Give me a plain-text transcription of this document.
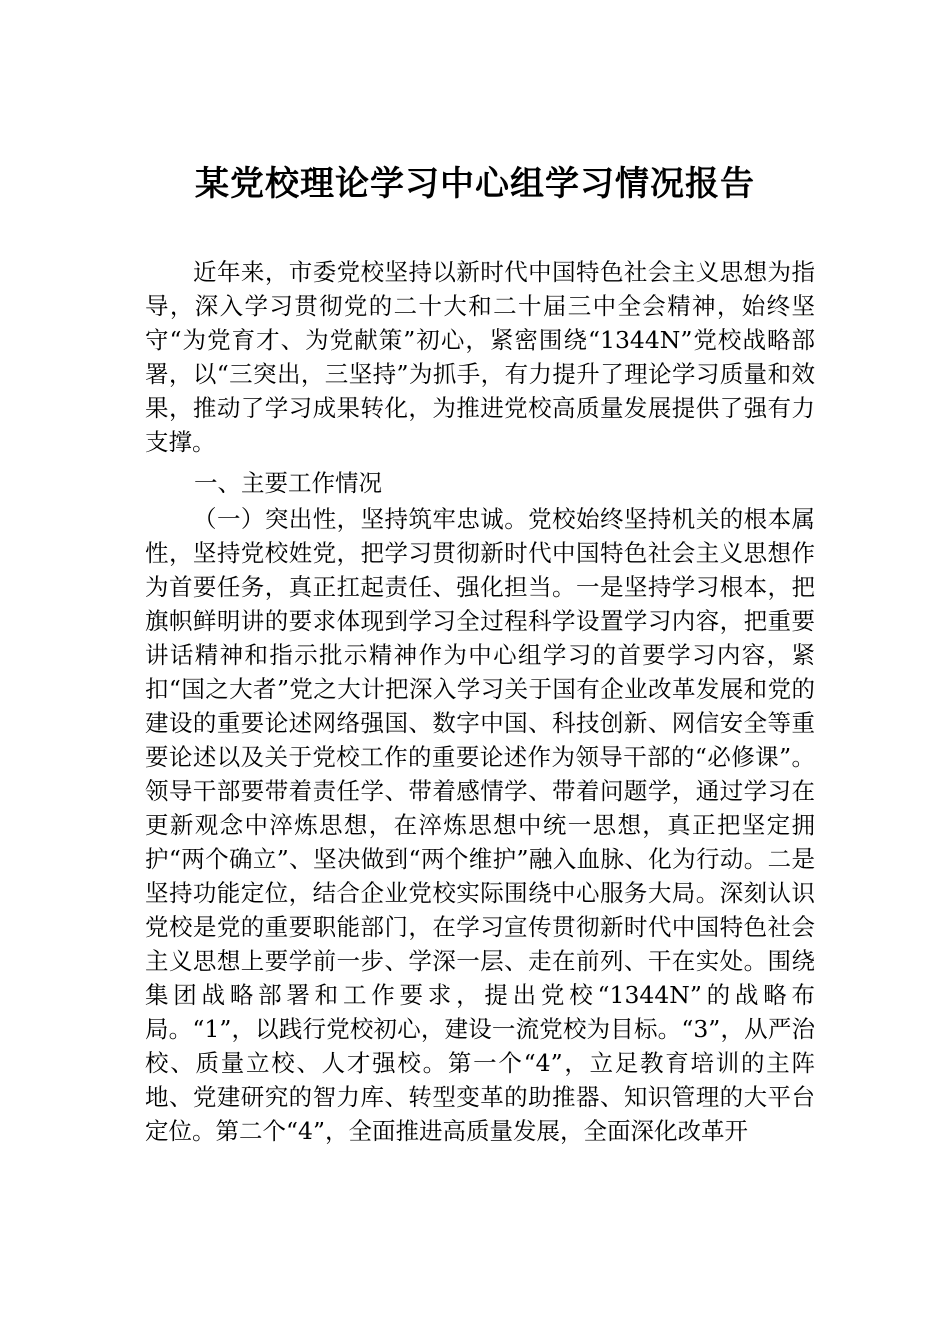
某党校理论学习中心组学习情况报告
近年来，市委党校坚持以新时代中国特色社会主义思想为指导，深入学习贯彻党的二十大和二十届三中全会精神，始终坚守“为党育才、为党献策”初心，紧密围绕“1344N”党校战略部署，以“三突出，三坚持”为抓手，有力提升了理论学习质量和效果，推动了学习成果转化，为推进党校高质量发展提供了强有力支撑。
一、主要工作情况
（一）突出性，坚持筑牢忠诚。党校始终坚持机关的根本属性，坚持党校姓党，把学习贯彻新时代中国特色社会主义思想作为首要任务，真正扛起责任、强化担当。一是坚持学习根本，把旗帜鲜明讲的要求体现到学习全过程科学设置学习内容，把重要讲话精神和指示批示精神作为中心组学习的首要学习内容，紧扣“国之大者”党之大计把深入学习关于国有企业改革发展和党的建设的重要论述网络强国、数字中国、科技创新、网信安全等重要论述以及关于党校工作的重要论述作为领导干部的“必修课”。领导干部要带着责任学、带着感情学、带着问题学，通过学习在更新观念中淬炼思想，在淬炼思想中统一思想，真正把坚定拥护“两个确立”、坚决做到“两个维护”融入血脉、化为行动。二是坚持功能定位，结合企业党校实际围绕中心服务大局。深刻认识党校是党的重要职能部门，在学习宣传贯彻新时代中国特色社会主义思想上要学前一步、学深一层、走在前列、干在实处。围绕集团战略部署和工作要求，提出党校“1344N”的战略布局。“1”，以践行党校初心，建设一流党校为目标。“3”，从严治校、质量立校、人才强校。第一个“4”，立足教育培训的主阵地、党建研究的智力库、转型变革的助推器、知识管理的大平台定位。第二个“4”，全面推进高质量发展，全面深化改革开
